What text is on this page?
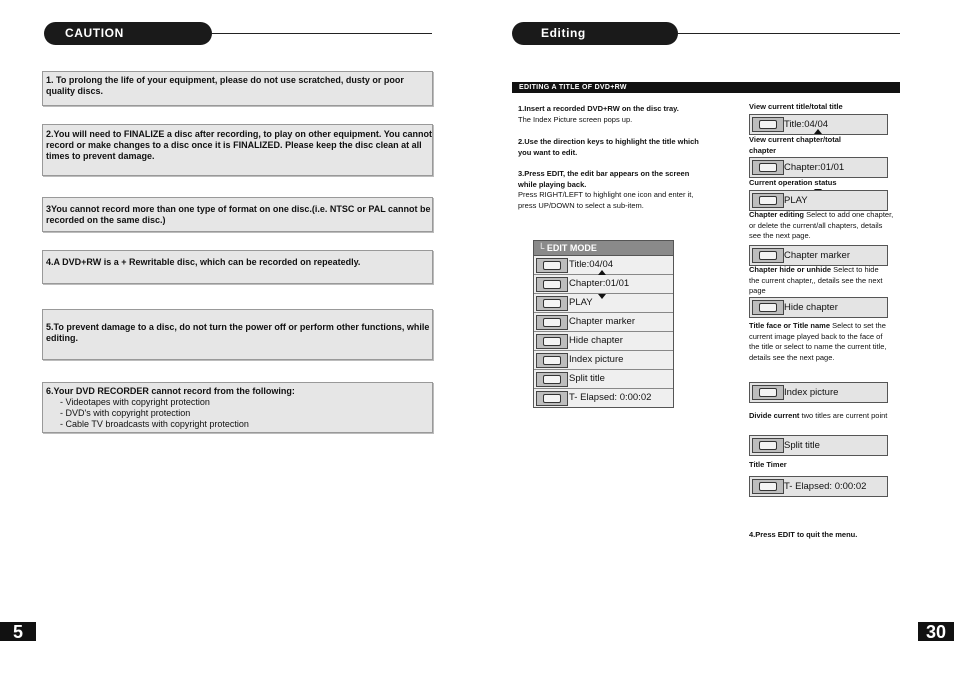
CAUTION
1. To prolong the life of your equipment, please do not use scratched, dusty or poor quality discs.
2.You will need to FINALIZE a disc after recording, to play on other equipment. You cannot record or make changes to a disc once it is FINALIZED. Please keep the disc clean at all times to prevent damage.
3You cannot record more than one type of format on one disc.(i.e. NTSC or PAL cannot be recorded on the same disc.)
4.A DVD+RW is a + Rewritable disc, which can be recorded on repeatedly.
5.To prevent damage to a disc, do not turn the power off or perform other functions, while editing.
6.Your DVD RECORDER cannot record from the following:
- Videotapes with copyright protection
- DVD's with copyright protection
- Cable TV broadcasts with copyright protection
5
Editing
EDITING A TITLE OF DVD+RW
1.Insert a recorded DVD+RW on the disc tray.
The Index Picture screen pops up.
2.Use the direction keys to highlight the title which you want to edit.
3.Press EDIT, the edit bar appears on the screen while playing back.
Press RIGHT/LEFT to highlight one icon and enter it, press UP/DOWN to select a sub-item.
└ EDIT MODE
Title:04/04
Chapter:01/01
PLAY
Chapter marker
Hide chapter
Index picture
Split title
T- Elapsed: 0:00:02
View current title/total title
Title:04/04
View current chapter/total chapter
Chapter:01/01
Current operation status
PLAY
Chapter editing Select to add one chapter, or delete the current/all chapters, details see the next page.
Chapter marker
Chapter hide or unhide Select to hide the current chapter,, details see the next page
Hide chapter
Title face or Title name Select to set the current image played back to the face of the title or select to name the current title, details see the next page.
Index picture
Divide current two titles are current point
Split title
Title Timer
T- Elapsed: 0:00:02
4.Press EDIT to quit the menu.
30
